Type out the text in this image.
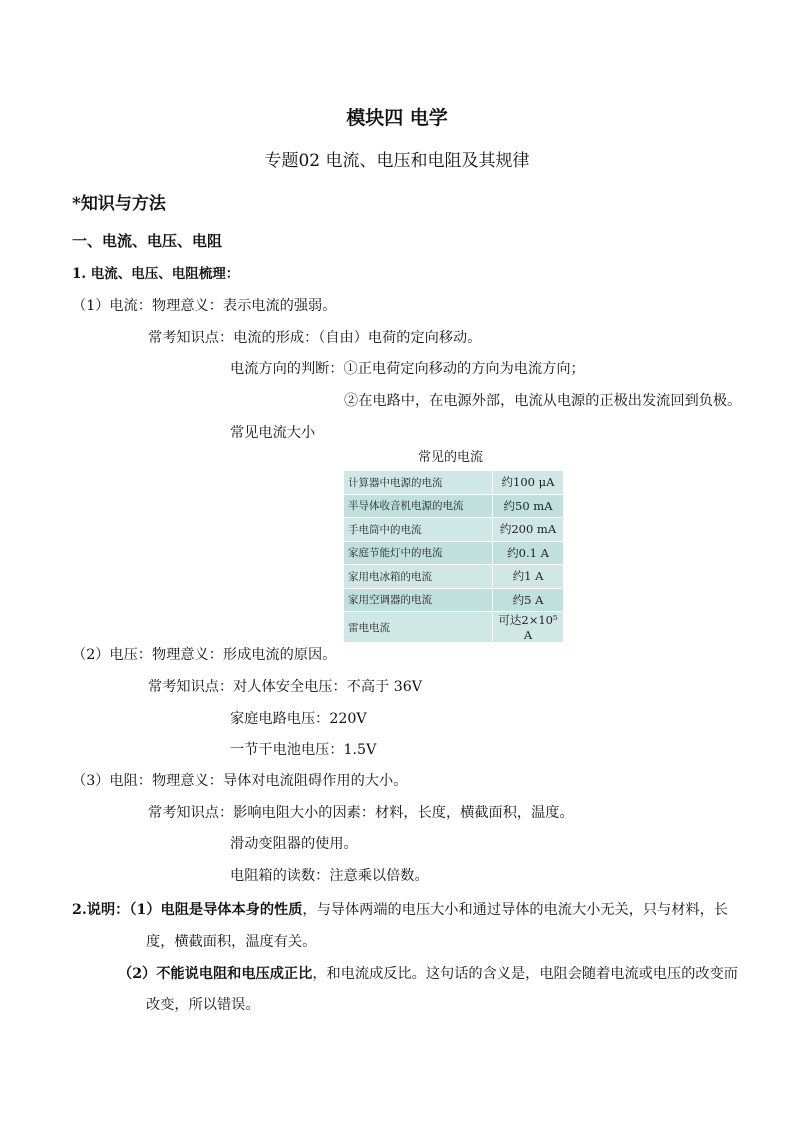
模块四 电学
专题02 电流、电压和电阻及其规律
*知识与方法
一、电流、电压、电阻
1. 电流、电压、电阻梳理：
（1）电流：物理意义：表示电流的强弱。
常考知识点：电流的形成：（自由）电荷的定向移动。
电流方向的判断：①正电荷定向移动的方向为电流方向；
②在电路中，在电源外部，电流从电源的正极出发流回到负极。
常见电流大小
常见的电流
计算器中电源的电流	约100 μA
半导体收音机电源的电流	约50 mA
手电筒中的电流	约200 mA
家庭节能灯中的电流	约0.1 A
家用电冰箱的电流	约1 A
家用空调器的电流	约5 A
雷电电流	可达2×10⁵ A
（2）电压：物理意义：形成电流的原因。
常考知识点：对人体安全电压：不高于 36V
家庭电路电压：220V
一节干电池电压：1.5V
（3）电阻：物理意义：导体对电流阻碍作用的大小。
常考知识点：影响电阻大小的因素：材料，长度，横截面积，温度。
滑动变阻器的使用。
电阻箱的读数：注意乘以倍数。
2.说明：（1）电阻是导体本身的性质，与导体两端的电压大小和通过导体的电流大小无关，只与材料，长
度，横截面积，温度有关。
（2）不能说电阻和电压成正比，和电流成反比。这句话的含义是，电阻会随着电流或电压的改变而
改变，所以错误。
